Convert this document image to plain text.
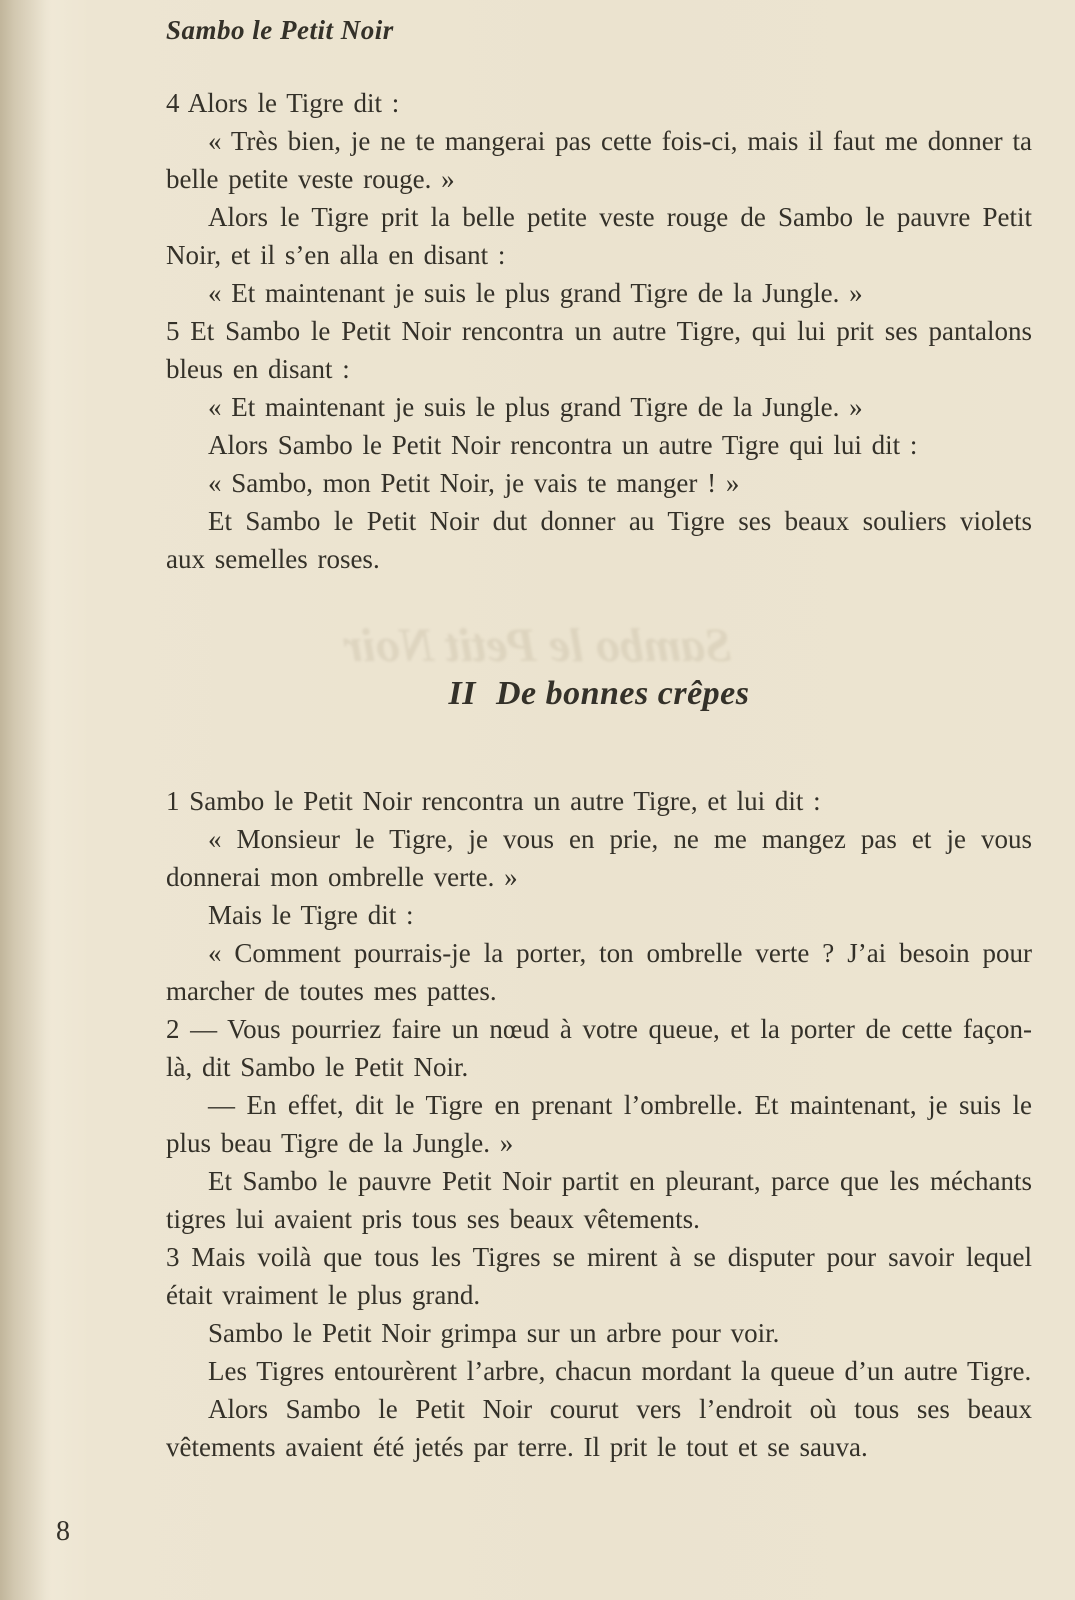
Sambo le Petit Noir
Sambo le Petit Noir

4 Alors le Tigre dit :

« Très bien, je ne te mangerai pas cette fois-ci, mais il faut me donner ta belle petite veste rouge. »

Alors le Tigre prit la belle petite veste rouge de Sambo le pauvre Petit Noir, et il s’en alla en disant :

« Et maintenant je suis le plus grand Tigre de la Jungle. »

5 Et Sambo le Petit Noir rencontra un autre Tigre, qui lui prit ses pantalons bleus en disant :

« Et maintenant je suis le plus grand Tigre de la Jungle. »

Alors Sambo le Petit Noir rencontra un autre Tigre qui lui dit :

« Sambo, mon Petit Noir, je vais te manger ! »

Et Sambo le Petit Noir dut donner au Tigre ses beaux souliers violets aux semelles roses.

II De bonnes crêpes

1 Sambo le Petit Noir rencontra un autre Tigre, et lui dit :

« Monsieur le Tigre, je vous en prie, ne me mangez pas et je vous donnerai mon ombrelle verte. »

Mais le Tigre dit :

« Comment pourrais-je la porter, ton ombrelle verte ? J’ai besoin pour marcher de toutes mes pattes.

2 — Vous pourriez faire un nœud à votre queue, et la porter de cette façon-là, dit Sambo le Petit Noir.

— En effet, dit le Tigre en prenant l’ombrelle. Et maintenant, je suis le plus beau Tigre de la Jungle. »

Et Sambo le pauvre Petit Noir partit en pleurant, parce que les méchants tigres lui avaient pris tous ses beaux vêtements.

3 Mais voilà que tous les Tigres se mirent à se disputer pour savoir lequel était vraiment le plus grand.

Sambo le Petit Noir grimpa sur un arbre pour voir.

Les Tigres entourèrent l’arbre, chacun mordant la queue d’un autre Tigre.

Alors Sambo le Petit Noir courut vers l’endroit où tous ses beaux vêtements avaient été jetés par terre. Il prit le tout et se sauva.

8
